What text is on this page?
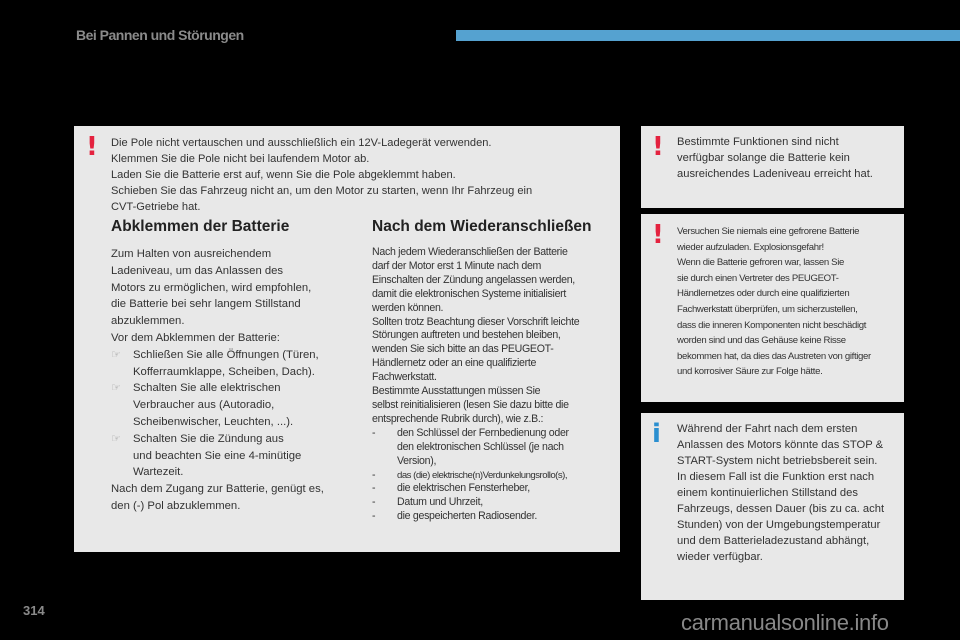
Bei Pannen und Störungen
! Die Pole nicht vertauschen und ausschließlich ein 12V-Ladegerät verwenden.
Klemmen Sie die Pole nicht bei laufendem Motor ab.
Laden Sie die Batterie erst auf, wenn Sie die Pole abgeklemmt haben.
Schieben Sie das Fahrzeug nicht an, um den Motor zu starten, wenn Ihr Fahrzeug ein
CVT-Getriebe hat.
Abklemmen der Batterie
Zum Halten von ausreichendem
Ladeniveau, um das Anlassen des
Motors zu ermöglichen, wird empfohlen,
die Batterie bei sehr langem Stillstand
abzuklemmen.
Vor dem Abklemmen der Batterie:
☞ Schließen Sie alle Öffnungen (Türen,
Kofferraumklappe, Scheiben, Dach).
☞ Schalten Sie alle elektrischen
Verbraucher aus (Autoradio,
Scheibenwischer, Leuchten, ...).
☞ Schalten Sie die Zündung aus
und beachten Sie eine 4-minütige
Wartezeit.
Nach dem Zugang zur Batterie, genügt es,
den (-) Pol abzuklemmen.
Nach dem Wiederanschließen
Nach jedem Wiederanschließen der Batterie
darf der Motor erst 1 Minute nach dem
Einschalten der Zündung angelassen werden,
damit die elektronischen Systeme initialisiert
werden können.
Sollten trotz Beachtung dieser Vorschrift leichte
Störungen auftreten und bestehen bleiben,
wenden Sie sich bitte an das PEUGEOT-
Händlernetz oder an eine qualifizierte
Fachwerkstatt.
Bestimmte Ausstattungen müssen Sie
selbst reinitialisieren (lesen Sie dazu bitte die
entsprechende Rubrik durch), wie z.B.:
- den Schlüssel der Fernbedienung oder
den elektronischen Schlüssel (je nach
Version),
- das (die) elektrische(n)Verdunkelungsrollo(s),
- die elektrischen Fensterheber,
- Datum und Uhrzeit,
- die gespeicherten Radiosender.
! Bestimmte Funktionen sind nicht
verfügbar solange die Batterie kein
ausreichendes Ladeniveau erreicht hat.
! Versuchen Sie niemals eine gefrorene Batterie
wieder aufzuladen. Explosionsgefahr!
Wenn die Batterie gefroren war, lassen Sie
sie durch einen Vertreter des PEUGEOT-
Händlernetzes oder durch eine qualifizierten
Fachwerkstatt überprüfen, um sicherzustellen,
dass die inneren Komponenten nicht beschädigt
worden sind und das Gehäuse keine Risse
bekommen hat, da dies das Austreten von giftiger
und korrosiver Säure zur Folge hätte.
i Während der Fahrt nach dem ersten
Anlassen des Motors könnte das STOP &
START-System nicht betriebsbereit sein.
In diesem Fall ist die Funktion erst nach
einem kontinuierlichen Stillstand des
Fahrzeugs, dessen Dauer (bis zu ca. acht
Stunden) von der Umgebungstemperatur
und dem Batterieladezustand abhängt,
wieder verfügbar.
314	carmanualsonline.info
